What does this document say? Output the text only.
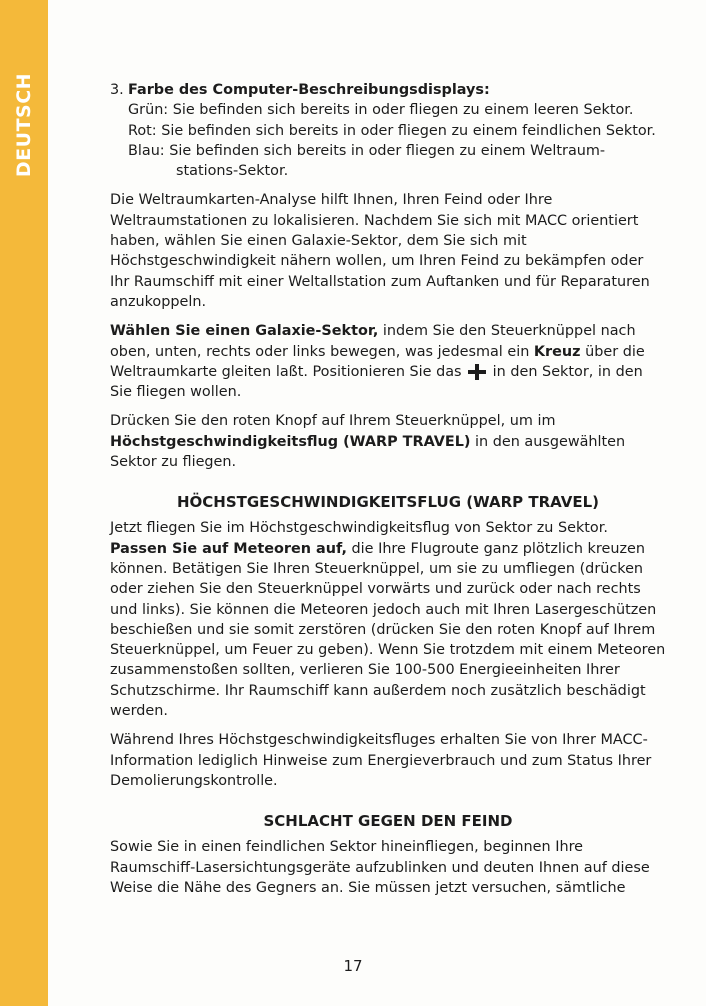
DEUTSCH	3. Farbe des Computer-Beschreibungsdisplays:

Grün: Sie befinden sich bereits in oder fliegen zu einem leeren Sektor.
Rot: Sie befinden sich bereits in oder fliegen zu einem feindlichen Sektor.
Blau: Sie befinden sich bereits in oder fliegen zu einem Weltraum-stations-Sektor.

Die Weltraumkarten-Analyse hilft Ihnen, Ihren Feind oder Ihre Weltraumstationen zu lokalisieren. Nachdem Sie sich mit MACC orientiert haben, wählen Sie einen Galaxie-Sektor, dem Sie sich mit Höchstgeschwindigkeit nähern wollen, um Ihren Feind zu bekämpfen oder Ihr Raumschiff mit einer Weltallstation zum Auftanken und für Reparaturen anzukoppeln.

Wählen Sie einen Galaxie-Sektor, indem Sie den Steuerknüppel nach oben, unten, rechts oder links bewegen, was jedesmal ein Kreuz über die Weltraumkarte gleiten laßt. Positionieren Sie das  in den Sektor, in den Sie fliegen wollen.

Drücken Sie den roten Knopf auf Ihrem Steuerknüppel, um im Höchstgeschwindigkeitsflug (WARP TRAVEL) in den ausgewählten Sektor zu fliegen.

HÖCHSTGESCHWINDIGKEITSFLUG (WARP TRAVEL)

Jetzt fliegen Sie im Höchstgeschwindigkeitsflug von Sektor zu Sektor. Passen Sie auf Meteoren auf, die Ihre Flugroute ganz plötzlich kreuzen können. Betätigen Sie Ihren Steuerknüppel, um sie zu umfliegen (drücken oder ziehen Sie den Steuerknüppel vorwärts und zurück oder nach rechts und links). Sie können die Meteoren jedoch auch mit Ihren Lasergeschützen beschießen und sie somit zerstören (drücken Sie den roten Knopf auf Ihrem Steuerknüppel, um Feuer zu geben). Wenn Sie trotzdem mit einem Meteoren zusammenstoßen sollten, verlieren Sie 100-500 Energieeinheiten Ihrer Schutzschirme. Ihr Raumschiff kann außerdem noch zusätzlich beschädigt werden.

Während Ihres Höchstgeschwindigkeitsfluges erhalten Sie von Ihrer MACC-Information lediglich Hinweise zum Energieverbrauch und zum Status Ihrer Demolierungskontrolle.

SCHLACHT GEGEN DEN FEIND

Sowie Sie in einen feindlichen Sektor hineinfliegen, beginnen Ihre Raumschiff-Lasersichtungsgeräte aufzublinken und deuten Ihnen auf diese Weise die Nähe des Gegners an. Sie müssen jetzt versuchen, sämtliche

17
